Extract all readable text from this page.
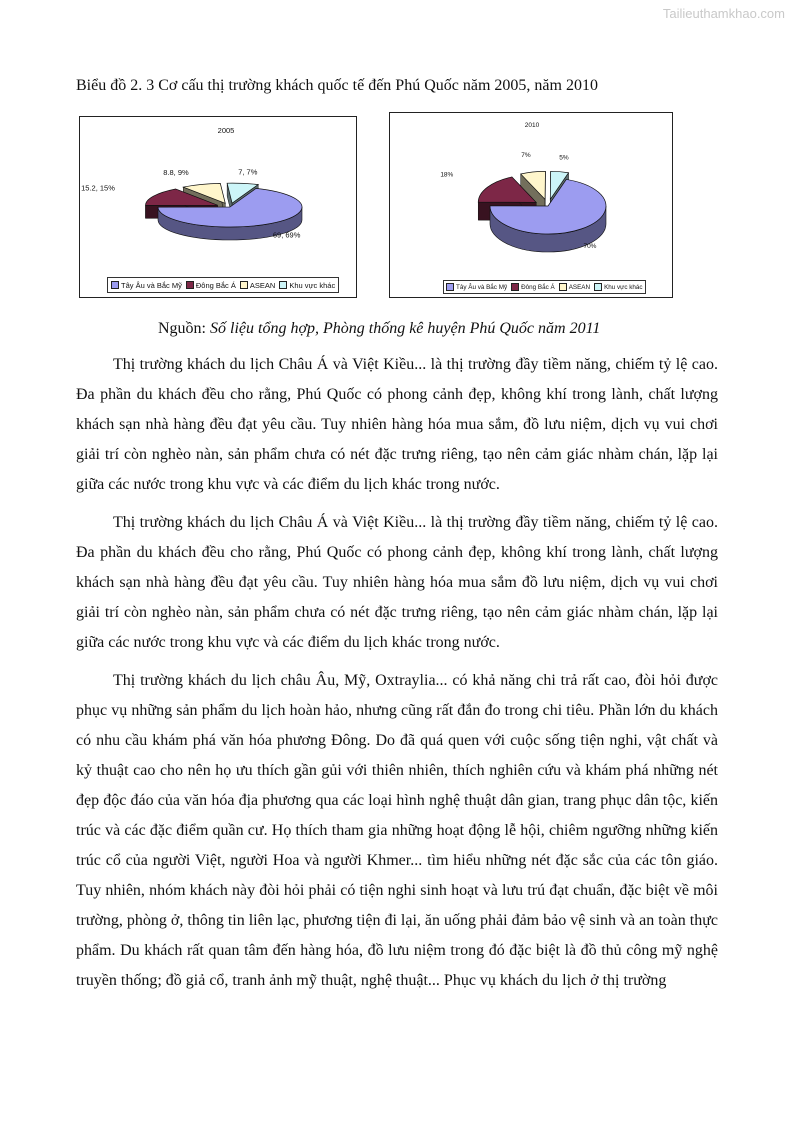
Tailieuthamkhao.com
Biểu đồ 2. 3 Cơ cấu thị trường khách quốc tế đến Phú Quốc năm 2005, năm 2010
2005
69, 69%
15.2, 15%
8.8, 9%	7, 7%
Tây Âu và Bắc Mỹ Đông Bắc Á ASEAN Khu vực khác
2010
70%
18%
7%	5%
Tây Âu và Bắc Mỹ Đông Bắc Á ASEAN Khu vực khác
Nguồn: Số liệu tổng hợp, Phòng thống kê huyện Phú Quốc năm 2011

Thị trường khách du lịch Châu Á và Việt Kiều... là thị trường đầy tiềm năng, chiếm tỷ lệ cao. Đa phần du khách đều cho rằng, Phú Quốc có phong cảnh đẹp, không khí trong lành, chất lượng khách sạn nhà hàng đều đạt yêu cầu. Tuy nhiên hàng hóa mua sắm, đồ lưu niệm, dịch vụ vui chơi giải trí còn nghèo nàn, sản phẩm chưa có nét đặc trưng riêng, tạo nên cảm giác nhàm chán, lặp lại giữa các nước trong khu vực và các điểm du lịch khác trong nước.

Thị trường khách du lịch Châu Á và Việt Kiều... là thị trường đầy tiềm năng, chiếm tỷ lệ cao. Đa phần du khách đều cho rằng, Phú Quốc có phong cảnh đẹp, không khí trong lành, chất lượng khách sạn nhà hàng đều đạt yêu cầu. Tuy nhiên hàng hóa mua sắm đồ lưu niệm, dịch vụ vui chơi giải trí còn nghèo nàn, sản phẩm chưa có nét đặc trưng riêng, tạo nên cảm giác nhàm chán, lặp lại giữa các nước trong khu vực và các điểm du lịch khác trong nước.

Thị trường khách du lịch châu Âu, Mỹ, Oxtraylia... có khả năng chi trả rất cao, đòi hỏi được phục vụ những sản phẩm du lịch hoàn hảo, nhưng cũng rất đắn đo trong chi tiêu. Phần lớn du khách có nhu cầu khám phá văn hóa phương Đông. Do đã quá quen với cuộc sống tiện nghi, vật chất và kỷ thuật cao cho nên họ ưu thích gần gủi với thiên nhiên, thích nghiên cứu và khám phá những nét đẹp độc đáo của văn hóa địa phương qua các loại hình nghệ thuật dân gian, trang phục dân tộc, kiến trúc và các đặc điểm quần cư. Họ thích tham gia những hoạt động lễ hội, chiêm ngưỡng những kiến trúc cổ của người Việt, người Hoa và người Khmer... tìm hiểu những nét đặc sắc của các tôn giáo. Tuy nhiên, nhóm khách này đòi hỏi phải có tiện nghi sinh hoạt và lưu trú đạt chuẩn, đặc biệt về môi trường, phòng ở, thông tin liên lạc, phương tiện đi lại, ăn uống phải đảm bảo vệ sinh và an toàn thực phẩm. Du khách rất quan tâm đến hàng hóa, đồ lưu niệm trong đó đặc biệt là đồ thủ công mỹ nghệ truyền thống; đồ giả cổ, tranh ảnh mỹ thuật, nghệ thuật... Phục vụ khách du lịch ở thị trường
